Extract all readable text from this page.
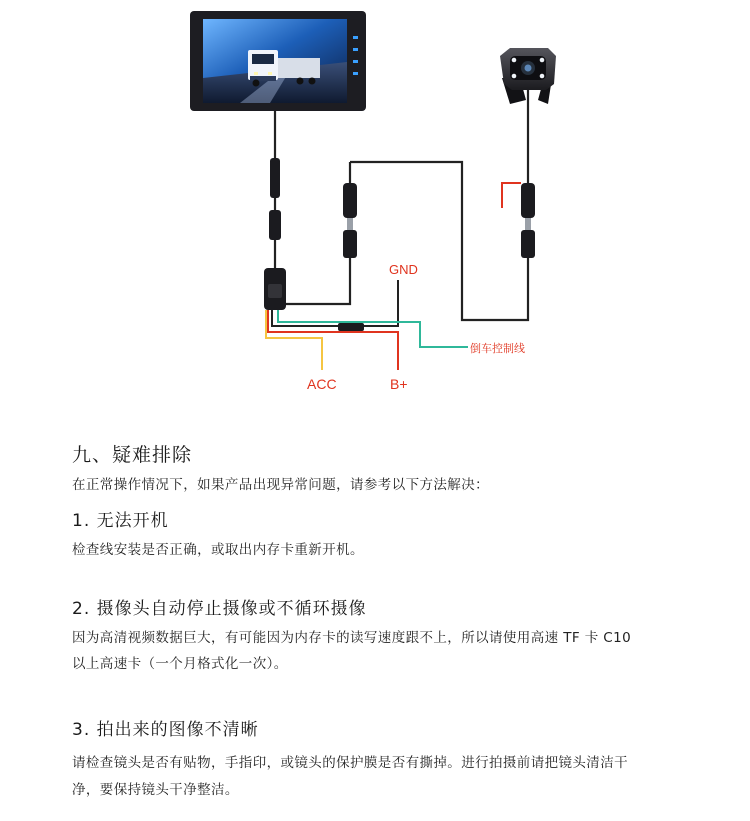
GND
ACC	B+
倒车控制线
九、疑难排除
在正常操作情况下，如果产品出现异常问题，请参考以下方法解决：
1. 无法开机
检查线安装是否正确，或取出内存卡重新开机。
2. 摄像头自动停止摄像或不循环摄像
因为高清视频数据巨大，有可能因为内存卡的读写速度跟不上，所以请使用高速 TF 卡 C10
以上高速卡（一个月格式化一次）。
3. 拍出来的图像不清晰
请检查镜头是否有贴物，手指印，或镜头的保护膜是否有撕掉。进行拍摄前请把镜头清洁干
净，要保持镜头干净整洁。
